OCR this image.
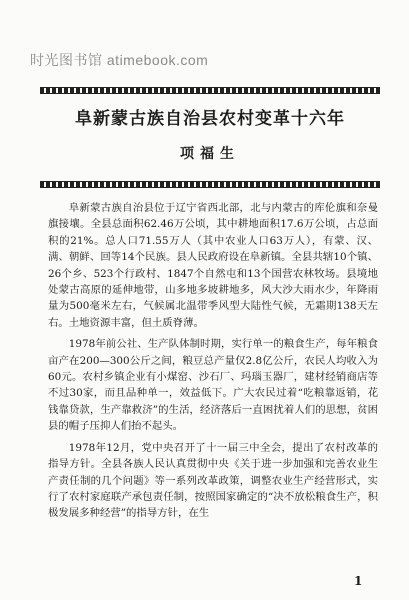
时光图书馆 atimebook.com
阜新蒙古族自治县农村变革十六年
项福生

阜新蒙古族自治县位于辽宁省西北部，北与内蒙古的库伦旗和奈曼旗接壤。全县总面积62.46万公顷，其中耕地面积17.6万公顷，占总面积的21%。总人口71.55万人（其中农业人口63万人），有蒙、汉、满、朝鲜、回等14个民族。县人民政府设在阜新镇。全县共辖10个镇、26个乡、523个行政村、1847个自然屯和13个国营农林牧场。县境地处蒙古高原的延伸地带，山多地多坡耕地多，风大沙大雨水少，年降雨量为500毫米左右，气候属北温带季风型大陆性气候，无霜期138天左右。土地资源丰富，但土质脊薄。

1978年前公社、生产队体制时期，实行单一的粮食生产，每年粮食亩产在200—300公斤之间，粮豆总产量仅2.8亿公斤，农民人均收入为60元。农村乡镇企业有小煤窑、沙石厂、玛瑙玉器厂，建材经销商店等不过30家，而且品种单一，效益低下。广大农民过着“吃粮靠返销，花钱靠贷款，生产靠救济”的生活，经济落后一直困扰着人们的思想，贫困县的帽子压抑人们抬不起头。

1978年12月，党中央召开了十一届三中全会，提出了农村改革的指导方针。全县各族人民认真贯彻中央《关于进一步加强和完善农业生产责任制的几个问题》等一系列改革政策，调整农业生产经营形式，实行了农村家庭联产承包责任制，按照国家确定的“决不放松粮食生产，积极发展多种经营”的指导方针，在生

1
